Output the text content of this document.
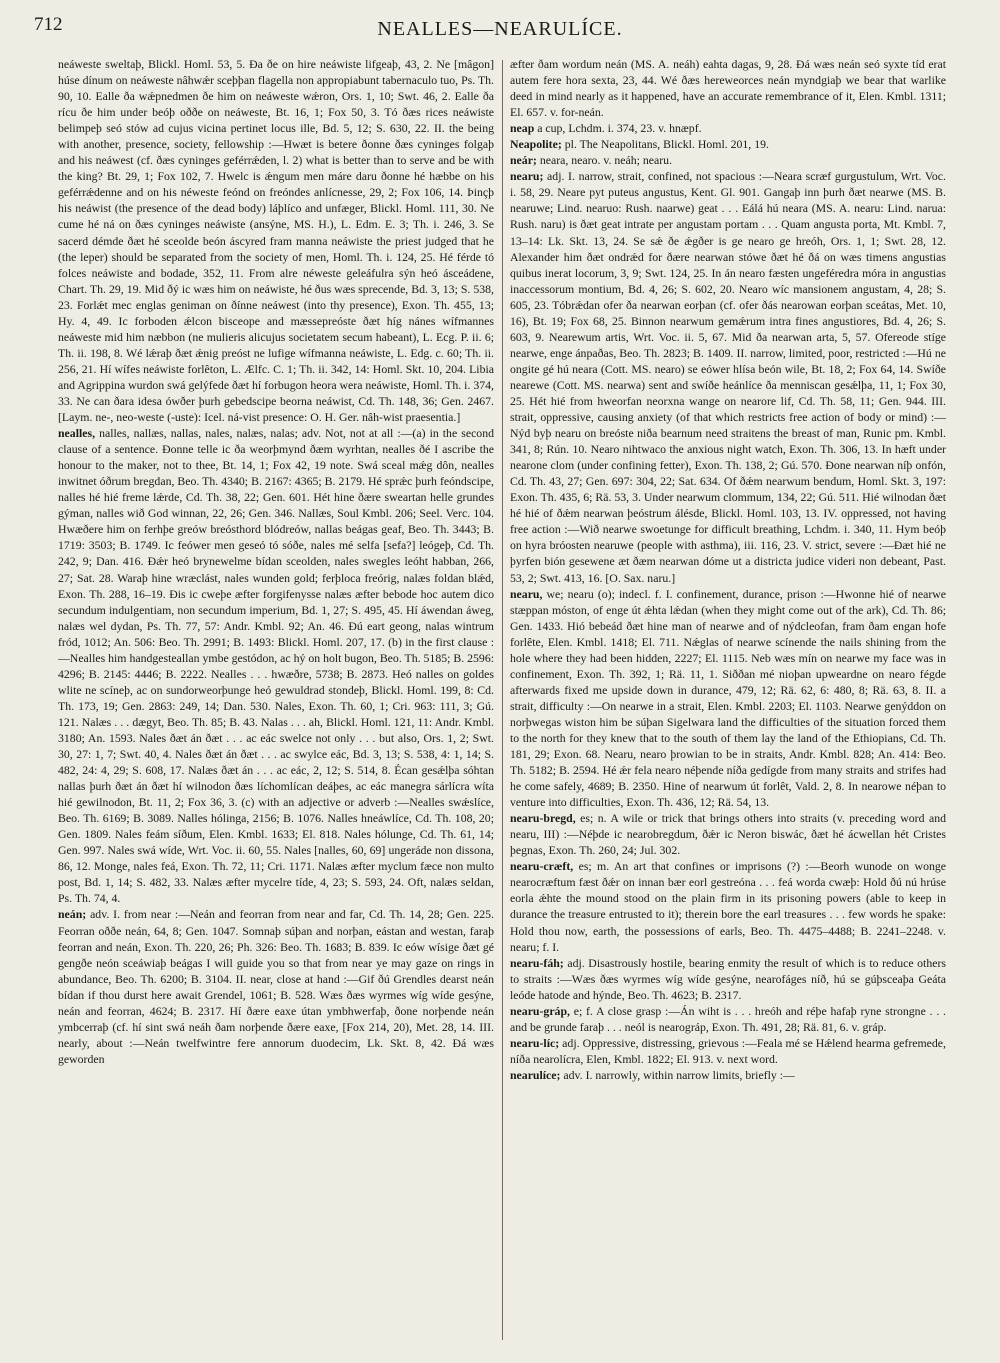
712	NEALLES—NEARULÍCE.

neáweste sweltaþ, Blickl. Homl. 53, 5. Ða ðe on hire neáwiste lifgeaþ, 43, 2. Ne [mâgon] húse dínum on neáweste nâhwǽr sceþþan flagella non appropiabunt tabernaculo tuo, Ps. Th. 90, 10. Ealle ða wǽpnedmen ðe him on neáweste wǽron, Ors. 1, 10; Swt. 46, 2. Ealle ða rícu ðe him under beóþ oððe on neáweste, Bt. 16, 1; Fox 50, 3. Tó ðæs rices neáwiste belimpeþ seó stów ad cujus vicina pertinet locus ille, Bd. 5, 12; S. 630, 22. II. the being with another, presence, society, fellowship :—Hwæt is betere ðonne ðæs cyninges folgaþ and his neáwest (cf. ðæs cyninges geférrǽden, l. 2) what is better than to serve and be with the king? Bt. 29, 1; Fox 102, 7. Hwelc is ǽngum men máre daru ðonne hé hæbbe on his geférrǽdenne and on his néweste feónd on freóndes anlícnesse, 29, 2; Fox 106, 14. Þinçþ his neáwist (the presence of the dead body) láþlíco and unfæger, Blickl. Homl. 111, 30. Ne cume hé ná on ðæs cyninges neáwiste (ansýne, MS. H.), L. Edm. E. 3; Th. i. 246, 3. Se sacerd démde ðæt hé sceolde beón áscyred fram manna neáwiste the priest judged that he (the leper) should be separated from the society of men, Homl. Th. i. 124, 25. Hé férde tó folces neáwiste and bodade, 352, 11. From alre néweste geleáfulra sýn heó ásceádene, Chart. Th. 29, 19. Mid ðý ic wæs him on neáwiste, hé ðus wæs sprecende, Bd. 3, 13; S. 538, 23. Forlǽt mec englas geniman on ðínne neáwest (into thy presence), Exon. Th. 455, 13; Hy. 4, 49. Ic forboden ǽlcon bisceope and mæssepreóste ðæt híg nánes wífmannes neáweste mid him næbbon (ne mulieris alicujus societatem secum habeant), L. Ecg. P. ii. 6; Th. ii. 198, 8. Wé lǽraþ ðæt ǽnig preóst ne lufige wífmanna neáwiste, L. Edg. c. 60; Th. ii. 256, 21. Hí wífes neáwiste forlêton, L. Ælfc. C. 1; Th. ii. 342, 14: Homl. Skt. 10, 204. Libia and Agrippina wurdon swá gelýfede ðæt hí forbugon heora wera neáwiste, Homl. Th. i. 374, 33. Ne can ðara idesa ówðer þurh gebedscipe beorna neáwist, Cd. Th. 148, 36; Gen. 2467. [Laym. ne-, neo-weste (-uste): Icel. ná-vist presence: O. H. Ger. nâh-wist praesentia.]

nealles, nalles, nallæs, nallas, nales, nalæs, nalas; adv. Not, not at all :—(a) in the second clause of a sentence. Ðonne telle ic ða weorþmynd ðæm wyrhtan, nealles ðé I ascribe the honour to the maker, not to thee, Bt. 14, 1; Fox 42, 19 note. Swá sceal mǽg dôn, nealles inwitnet óðrum bregdan, Beo. Th. 4340; B. 2167: 4365; B. 2179. Hé sprǽc þurh feóndscipe, nalles hé hié freme lǽrde, Cd. Th. 38, 22; Gen. 601. Hét hine ðære sweartan helle grundes gýman, nalles wið God winnan, 22, 26; Gen. 346. Nallæs, Soul Kmbl. 206; Seel. Verc. 104. Hwæðere him on ferhþe greów breósthord blódreów, nallas beágas geaf, Beo. Th. 3443; B. 1719: 3503; B. 1749. Ic feówer men geseó tó sóðe, nales mé selfa [sefa?] leógeþ, Cd. Th. 242, 9; Dan. 416. Ðǽr heó brynewelme bídan sceolden, nales swegles leóht habban, 266, 27; Sat. 28. Waraþ hine wræclást, nales wunden gold; ferþloca freórig, nalæs foldan blǽd, Exon. Th. 288, 16–19. Ðis ic cweþe æfter forgifenysse nalæs æfter bebode hoc autem dico secundum indulgentiam, non secundum imperium, Bd. 1, 27; S. 495, 45. Hí áwendan áweg, nalæs wel dydan, Ps. Th. 77, 57: Andr. Kmbl. 92; An. 46. Ðú eart geong, nalas wintrum fród, 1012; An. 506: Beo. Th. 2991; B. 1493: Blickl. Homl. 207, 17. (b) in the first clause :—Nealles him handgesteallan ymbe gestódon, ac hý on holt bugon, Beo. Th. 5185; B. 2596: 4296; B. 2145: 4446; B. 2222. Nealles . . . hwæðre, 5738; B. 2873. Heó nalles on goldes wlite ne scíneþ, ac on sundorweorþunge heó gewuldrad stondeþ, Blickl. Homl. 199, 8: Cd. Th. 173, 19; Gen. 2863: 249, 14; Dan. 530. Nales, Exon. Th. 60, 1; Cri. 963: 111, 3; Gú. 121. Nalæs . . . dægyt, Beo. Th. 85; B. 43. Nalas . . . ah, Blickl. Homl. 121, 11: Andr. Kmbl. 3180; An. 1593. Nales ðæt án ðæt . . . ac eác swelce not only . . . but also, Ors. 1, 2; Swt. 30, 27: 1, 7; Swt. 40, 4. Nales ðæt án ðæt . . . ac swylce eác, Bd. 3, 13; S. 538, 4: 1, 14; S. 482, 24: 4, 29; S. 608, 17. Nalæs ðæt án . . . ac eác, 2, 12; S. 514, 8. Écan gesǽlþa sóhtan nallas þurh ðæt án ðæt hí wilnodon ðæs líchomlícan deáþes, ac eác manegra sárlícra wíta hié gewilnodon, Bt. 11, 2; Fox 36, 3. (c) with an adjective or adverb :—Nealles swǽslíce, Beo. Th. 6169; B. 3089. Nalles hólinga, 2156; B. 1076. Nalles hneáwlíce, Cd. Th. 108, 20; Gen. 1809. Nales feám síðum, Elen. Kmbl. 1633; El. 818. Nales hólunge, Cd. Th. 61, 14; Gen. 997. Nales swá wíde, Wrt. Voc. ii. 60, 55. Nales [nalles, 60, 69] ungeráde non dissona, 86, 12. Monge, nales feá, Exon. Th. 72, 11; Cri. 1171. Nalæs æfter myclum fæce non multo post, Bd. 1, 14; S. 482, 33. Nalæs æfter mycelre tíde, 4, 23; S. 593, 24. Oft, nalæs seldan, Ps. Th. 74, 4.

neán; adv. I. from near :—Neán and feorran from near and far, Cd. Th. 14, 28; Gen. 225. Feorran oððe neán, 64, 8; Gen. 1047. Somnaþ súþan and norþan, eástan and westan, faraþ feorran and neán, Exon. Th. 220, 26; Ph. 326: Beo. Th. 1683; B. 839. Ic eów wísige ðæt gé gengðe neón sceáwiaþ beágas I will guide you so that from near ye may gaze on rings in abundance, Beo. Th. 6200; B. 3104. II. near, close at hand :—Gif ðú Grendles dearst neán bídan if thou durst here await Grendel, 1061; B. 528. Wæs ðæs wyrmes wíg wíde gesýne, neán and feorran, 4624; B. 2317. Hí ðære eaxe útan ymbhwerfaþ, ðone norþende neán ymbcerraþ (cf. hí sint swá neáh ðam norþende ðære eaxe, [Fox 214, 20), Met. 28, 14. III. nearly, about :—Neán twelfwintre fere annorum duodecim, Lk. Skt. 8, 42. Ðá wæs geworden

æfter ðam wordum neán (MS. A. neáh) eahta dagas, 9, 28. Ðá wæs neán seó syxte tíd erat autem fere hora sexta, 23, 44. Wé ðæs hereweorces neán myndgiaþ we bear that warlike deed in mind nearly as it happened, have an accurate remembrance of it, Elen. Kmbl. 1311; El. 657. v. for-neán.

neap a cup, Lchdm. i. 374, 23. v. hnæpf.

Neapolite; pl. The Neapolitans, Blickl. Homl. 201, 19.

neár; neara, nearo. v. neáh; nearu.

nearu; adj. I. narrow, strait, confined, not spacious :—Neara scræf gurgustulum, Wrt. Voc. i. 58, 29. Neare pyt puteus angustus, Kent. Gl. 901. Gangaþ inn þurh ðæt nearwe (MS. B. nearuwe; Lind. nearuo: Rush. naarwe) geat . . . Eálá hú neara (MS. A. nearu: Lind. narua: Rush. naru) is ðæt geat intrate per angustam portam . . . Quam angusta porta, Mt. Kmbl. 7, 13–14: Lk. Skt. 13, 24. Se sǽ ðe ǽgðer is ge nearo ge hreóh, Ors. 1, 1; Swt. 28, 12. Alexander him ðæt ondrǽd for ðære nearwan stówe ðæt hé ðá on wæs timens angustias quibus inerat locorum, 3, 9; Swt. 124, 25. In án nearo fæsten ungeféredra móra in angustias inaccessorum montium, Bd. 4, 26; S. 602, 20. Nearo wíc mansionem angustam, 4, 28; S. 605, 23. Tóbrǽdan ofer ða nearwan eorþan (cf. ofer ðás nearowan eorþan sceátas, Met. 10, 16), Bt. 19; Fox 68, 25. Binnon nearwum gemǽrum intra fines angustiores, Bd. 4, 26; S. 603, 9. Nearewum artis, Wrt. Voc. ii. 5, 67. Mid ða nearwan arta, 5, 57. Ofereode stíge nearwe, enge ánpaðas, Beo. Th. 2823; B. 1409. II. narrow, limited, poor, restricted :—Hú ne ongite gé hú neara (Cott. MS. nearo) se eówer hlísa beón wile, Bt. 18, 2; Fox 64, 14. Swíðe nearewe (Cott. MS. nearwa) sent and swíðe heánlíce ða menniscan gesǽlþa, 11, 1; Fox 30, 25. Hét hié from hweorfan neorxna wange on nearore lif, Cd. Th. 58, 11; Gen. 944. III. strait, oppressive, causing anxiety (of that which restricts free action of body or mind) :—Nýd byþ nearu on breóste niða bearnum need straitens the breast of man, Runic pm. Kmbl. 341, 8; Rún. 10. Nearo nihtwaco the anxious night watch, Exon. Th. 306, 13. In hæft under nearone clom (under confining fetter), Exon. Th. 138, 2; Gú. 570. Ðone nearwan níþ onfón, Cd. Th. 43, 27; Gen. 697: 304, 22; Sat. 634. Of ðǽm nearwum bendum, Homl. Skt. 3, 197: Exon. Th. 435, 6; Rä. 53, 3. Under nearwum clommum, 134, 22; Gú. 511. Hié wilnodan ðæt hé hié of ðǽm nearwan þeóstrum álésde, Blickl. Homl. 103, 13. IV. oppressed, not having free action :—Wið nearwe swoetunge for difficult breathing, Lchdm. i. 340, 11. Hym beóþ on hyra bróosten nearuwe (people with asthma), iii. 116, 23. V. strict, severe :—Ðæt hié ne þyrfen bión gesewene æt ðæm nearwan dóme ut a districta judice videri non debeant, Past. 53, 2; Swt. 413, 16. [O. Sax. naru.]

nearu, we; nearu (o); indecl. f. I. confinement, durance, prison :—Hwonne hié of nearwe stæppan móston, of enge út ǽhta lǽdan (when they might come out of the ark), Cd. Th. 86; Gen. 1433. Hió bebeád ðæt hine man of nearwe and of nýdcleofan, fram ðam engan hofe forlête, Elen. Kmbl. 1418; El. 711. Nǽglas of nearwe scínende the nails shining from the hole where they had been hidden, 2227; El. 1115. Neb wæs mín on nearwe my face was in confinement, Exon. Th. 392, 1; Rä. 11, 1. Siððan mé nioþan upweardne on nearo fégde afterwards fixed me upside down in durance, 479, 12; Rä. 62, 6: 480, 8; Rä. 63, 8. II. a strait, difficulty :—On nearwe in a strait, Elen. Kmbl. 2203; El. 1103. Nearwe genýddon on norþwegas wiston him be súþan Sigelwara land the difficulties of the situation forced them to the north for they knew that to the south of them lay the land of the Ethiopians, Cd. Th. 181, 29; Exon. 68. Nearu, nearo þrowian to be in straits, Andr. Kmbl. 828; An. 414: Beo. Th. 5182; B. 2594. Hé ǽr fela nearo néþende níða gedígde from many straits and strifes had he come safely, 4689; B. 2350. Hine of nearwum út forlêt, Vald. 2, 8. In nearowe néþan to venture into difficulties, Exon. Th. 436, 12; Rä. 54, 13.

nearu-bregd, es; n. A wile or trick that brings others into straits (v. preceding word and nearu, III) :—Néþde ic nearobregdum, ðǽr ic Neron biswác, ðæt hé ácwellan hét Cristes þegnas, Exon. Th. 260, 24; Jul. 302.

nearu-cræft, es; m. An art that confines or imprisons (?) :—Beorh wunode on wonge nearocræftum fæst ðǽr on innan bær eorl gestreóna . . . feá worda cwæþ: Hold ðú nú hrúse eorla ǽhte the mound stood on the plain firm in its prisoning powers (able to keep in durance the treasure entrusted to it); therein bore the earl treasures . . . few words he spake: Hold thou now, earth, the possessions of earls, Beo. Th. 4475–4488; B. 2241–2248. v. nearu; f. I.

nearu-fáh; adj. Disastrously hostile, bearing enmity the result of which is to reduce others to straits :—Wæs ðæs wyrmes wíg wíde gesýne, nearofáges níð, hú se gúþsceaþa Geáta leóde hatode and hýnde, Beo. Th. 4623; B. 2317.

nearu-gráp, e; f. A close grasp :—Án wiht is . . . hreóh and réþe hafaþ ryne strongne . . . and be grunde faraþ . . . neól is nearográp, Exon. Th. 491, 28; Rä. 81, 6. v. gráp.

nearu-líc; adj. Oppressive, distressing, grievous :—Feala mé se Hǽlend hearma gefremede, níða nearolícra, Elen, Kmbl. 1822; El. 913. v. next word.

nearulíce; adv. I. narrowly, within narrow limits, briefly :—
